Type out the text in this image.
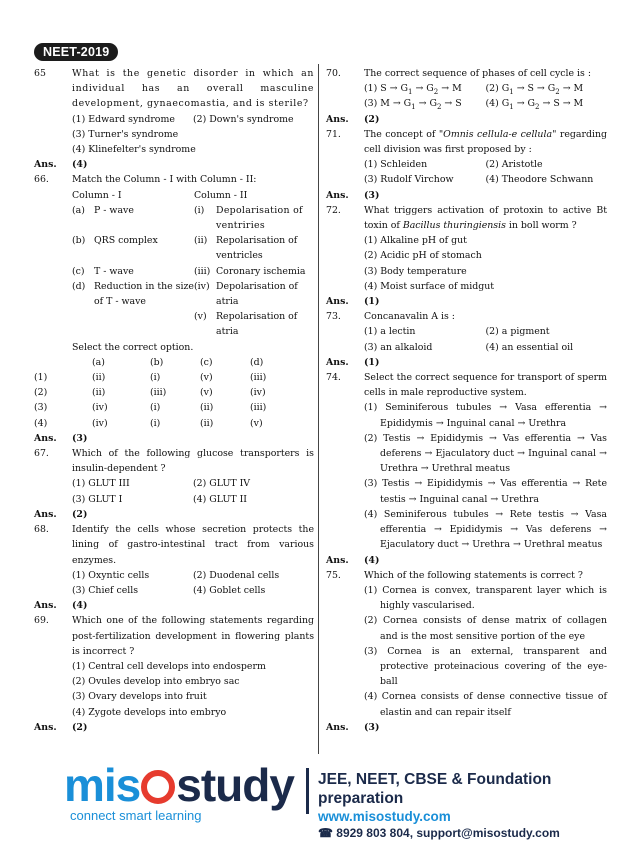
NEET-2019
65	What is the genetic disorder in which an individual has an overall masculine development, gynaecomastia, and is sterile?
(1) Edward syndrome	(2) Down's syndrome
(3) Turner's syndrome
(4) Klinefelter's syndrome
Ans. (4)
66. Match the Column - I with Column - II:
Column - I		Column - II	
(a)	P - wave	(i)	Depolarisation of ventriries
(b)	QRS complex	(ii)	Repolarisation of ventricles
(c)	T - wave	(iii)	Coronary ischemia
(d)	Reduction in the size of T - wave	(iv)	Depolarisation of atria
		(v)	Repolarisation of atria
Select the correct option.
	(a)	(b)	(c)	(d)
(1)	(ii)	(i)	(v)	(iii)
(2)	(ii)	(iii)	(v)	(iv)
(3)	(iv)	(i)	(ii)	(iii)
(4)	(iv)	(i)	(ii)	(v)
Ans. (3)
67. Which of the following glucose transporters is insulin-dependent ?
(1) GLUT III	(2) GLUT IV
(3) GLUT I	(4) GLUT II
Ans. (2)
68. Identify the cells whose secretion protects the lining of gastro-intestinal tract from various enzymes.
(1) Oxyntic cells	(2) Duodenal cells
(3) Chief cells	(4) Goblet cells
Ans. (4)
69. Which one of the following statements regarding post-fertilization development in flowering plants is incorrect ?
(1) Central cell develops into endosperm
(2) Ovules develop into embryo sac
(3) Ovary develops into fruit
(4) Zygote develops into embryo
Ans. (2)
70. The correct sequence of phases of cell cycle is :
(1) $S \to G_1 \to G_2 \to M$	(2) $G_1 \to S \to G_2 \to M$
(3) $M \to G_1 \to G_2 \to S$	(4) $G_1 \to G_2 \to S \to M$
Ans. (2)
71. The concept of "Omnis cellula-e cellula" regarding cell division was first proposed by :
(1) Schleiden	(2) Aristotle
(3) Rudolf Virchow	(4) Theodore Schwann
Ans. (3)
72. What triggers activation of protoxin to active Bt toxin of Bacillus thuringiensis in boll worm ?
(1) Alkaline pH of gut
(2) Acidic pH of stomach
(3) Body temperature
(4) Moist surface of midgut
Ans. (1)
73. Concanavalin A is :
(1) a lectin	(2) a pigment
(3) an alkaloid	(4) an essential oil
Ans. (1)
74. Select the correct sequence for transport of sperm cells in male reproductive system.
(1) Seminiferous tubules → Vasa efferentia → Epididymis → Inguinal canal → Urethra
(2) Testis → Epididymis → Vas efferentia → Vas deferens → Ejaculatory duct → Inguinal canal → Urethra → Urethral meatus
(3) Testis → Eipididymis → Vas efferentia → Rete testis → Inguinal canal → Urethra
(4) Seminiferous tubules → Rete testis → Vasa efferentia → Epididymis → Vas deferens → Ejaculatory duct → Urethra → Urethral meatus
Ans. (4)
75. Which of the following statements is correct ?
(1) Cornea is convex, transparent layer which is highly vascularised.
(2) Cornea consists of dense matrix of collagen and is the most sensitive portion of the eye
(3) Cornea is an external, transparent and protective proteinacious covering of the eye-ball
(4) Cornea consists of dense connective tissue of elastin and can repair itself
Ans. (3)
mis study
connect smart learning
JEE, NEET, CBSE & Foundation preparation
www.misostudy.com
☎ 8929 803 804, support@misostudy.com
